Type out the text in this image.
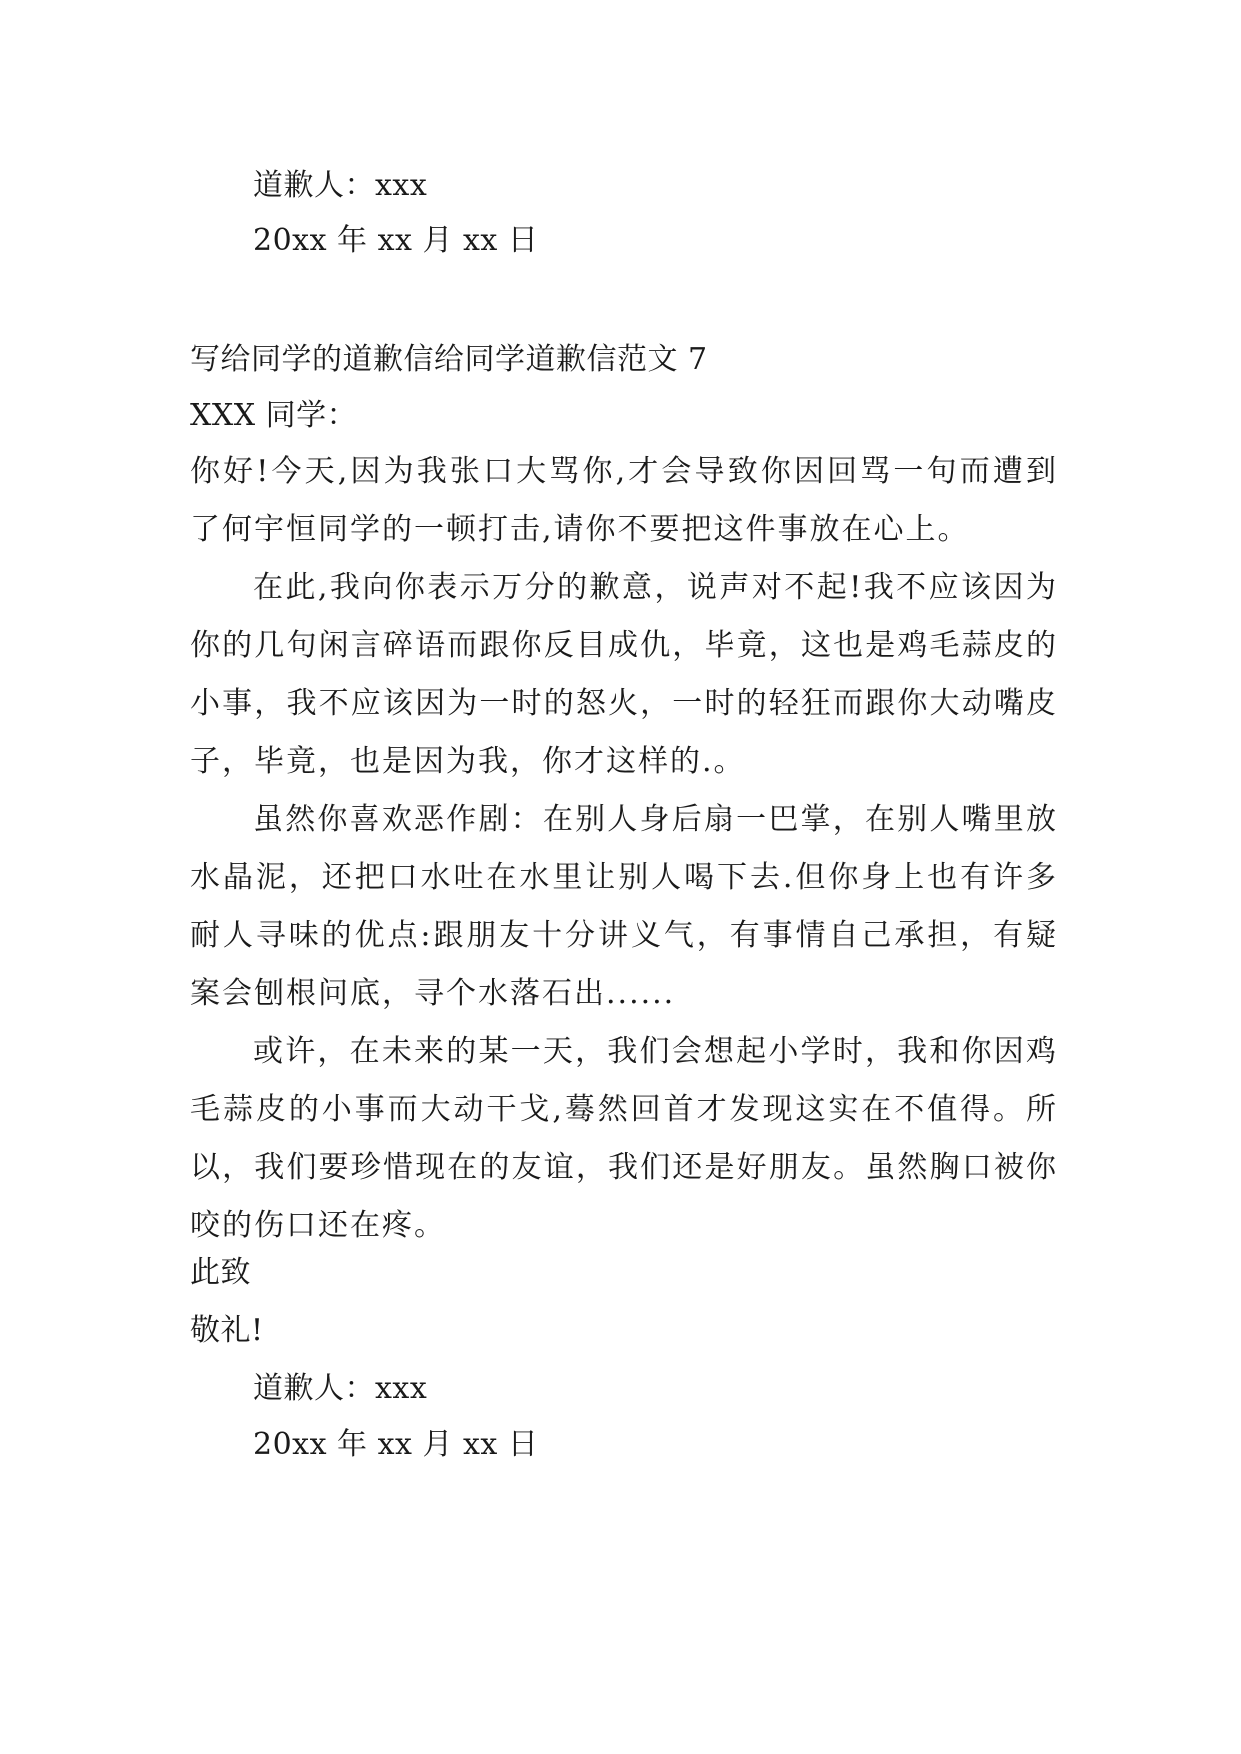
道歉人：xxx
20xx 年 xx 月 xx 日
写给同学的道歉信给同学道歉信范文 7
XXX 同学：
你好!今天,因为我张口大骂你,才会导致你因回骂一句而遭到了何宇恒同学的一顿打击,请你不要把这件事放在心上。
在此,我向你表示万分的歉意，说声对不起!我不应该因为你的几句闲言碎语而跟你反目成仇，毕竟，这也是鸡毛蒜皮的小事，我不应该因为一时的怒火，一时的轻狂而跟你大动嘴皮子，毕竟，也是因为我，你才这样的.。
虽然你喜欢恶作剧：在别人身后扇一巴掌，在别人嘴里放水晶泥，还把口水吐在水里让别人喝下去.但你身上也有许多耐人寻味的优点:跟朋友十分讲义气，有事情自己承担，有疑案会刨根问底，寻个水落石出......
或许，在未来的某一天，我们会想起小学时，我和你因鸡毛蒜皮的小事而大动干戈,蓦然回首才发现这实在不值得。所以，我们要珍惜现在的友谊，我们还是好朋友。虽然胸口被你咬的伤口还在疼。
此致
敬礼!
道歉人：xxx
20xx 年 xx 月 xx 日
